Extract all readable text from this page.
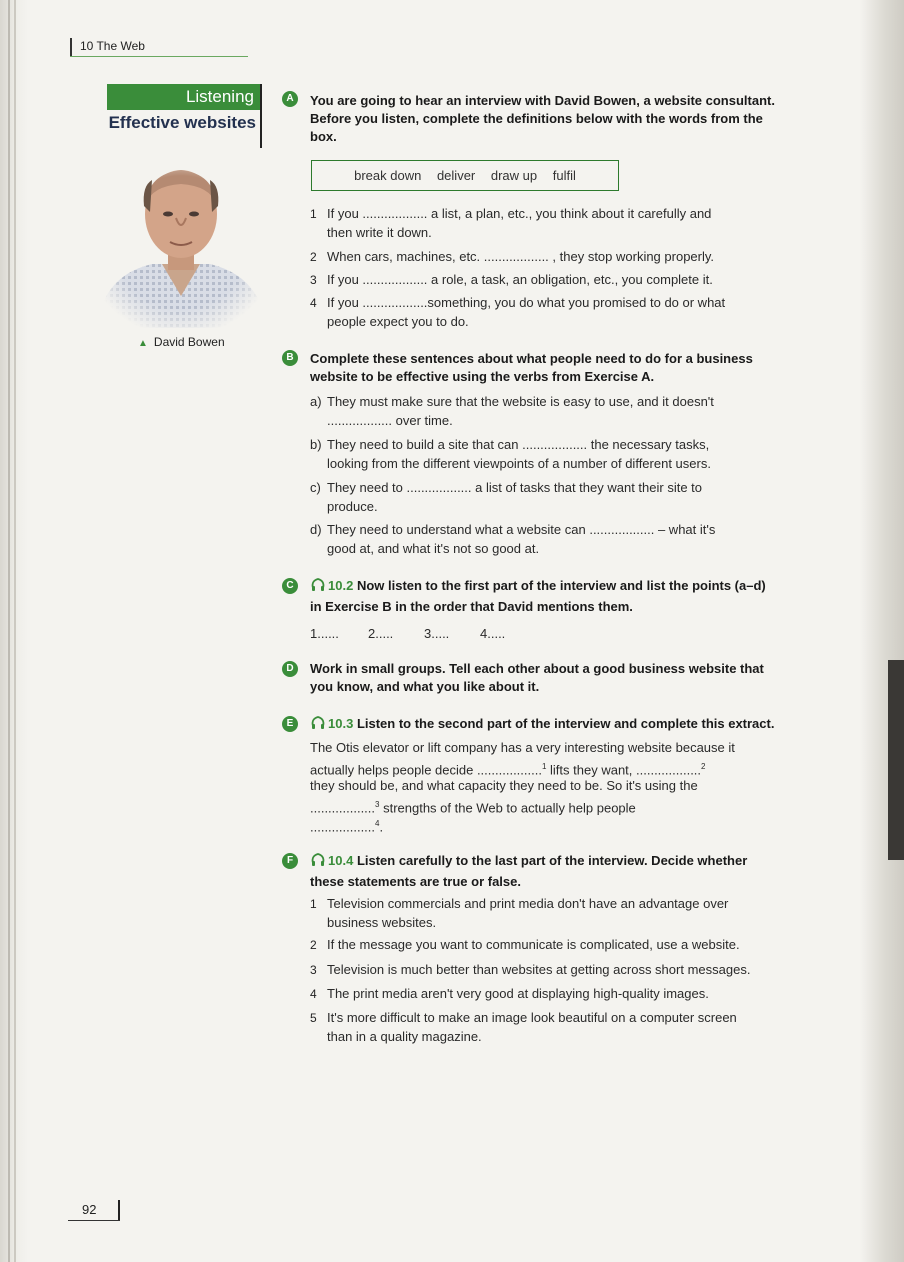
10 The Web
Listening
Effective websites
▲ David Bowen
A	You are going to hear an interview with David Bowen, a website consultant.
Before you listen, complete the definitions below with the words from the
box.
break down deliver draw up fulfil
1 If you .................. a list, a plan, etc., you think about it carefully and
then write it down.
2 When cars, machines, etc. .................. , they stop working properly.
3 If you .................. a role, a task, an obligation, etc., you complete it.
4 If you ..................something, you do what you promised to do or what
people expect you to do.
B	Complete these sentences about what people need to do for a business
website to be effective using the verbs from Exercise A.
a) They must make sure that the website is easy to use, and it doesn't
.................. over time.
b) They need to build a site that can .................. the necessary tasks,
looking from the different viewpoints of a number of different users.
c) They need to .................. a list of tasks that they want their site to
produce.
d) They need to understand what a website can .................. – what it's
good at, and what it's not so good at.
C	10.2 Now listen to the first part of the interview and list the points (a–d)
in Exercise B in the order that David mentions them.
1...... 2..... 3..... 4.....
D	Work in small groups. Tell each other about a good business website that
you know, and what you like about it.
E	10.3 Listen to the second part of the interview and complete this extract.
The Otis elevator or lift company has a very interesting website because it
actually helps people decide ..................$^1$ lifts they want, ..................$^2$
they should be, and what capacity they need to be. So it's using the
..................$^3$ strengths of the Web to actually help people
..................$^4$.
F	10.4 Listen carefully to the last part of the interview. Decide whether
these statements are true or false.
1 Television commercials and print media don't have an advantage over
business websites.
2 If the message you want to communicate is complicated, use a website.
3 Television is much better than websites at getting across short messages.
4 The print media aren't very good at displaying high-quality images.
5 It's more difficult to make an image look beautiful on a computer screen
than in a quality magazine.
92
